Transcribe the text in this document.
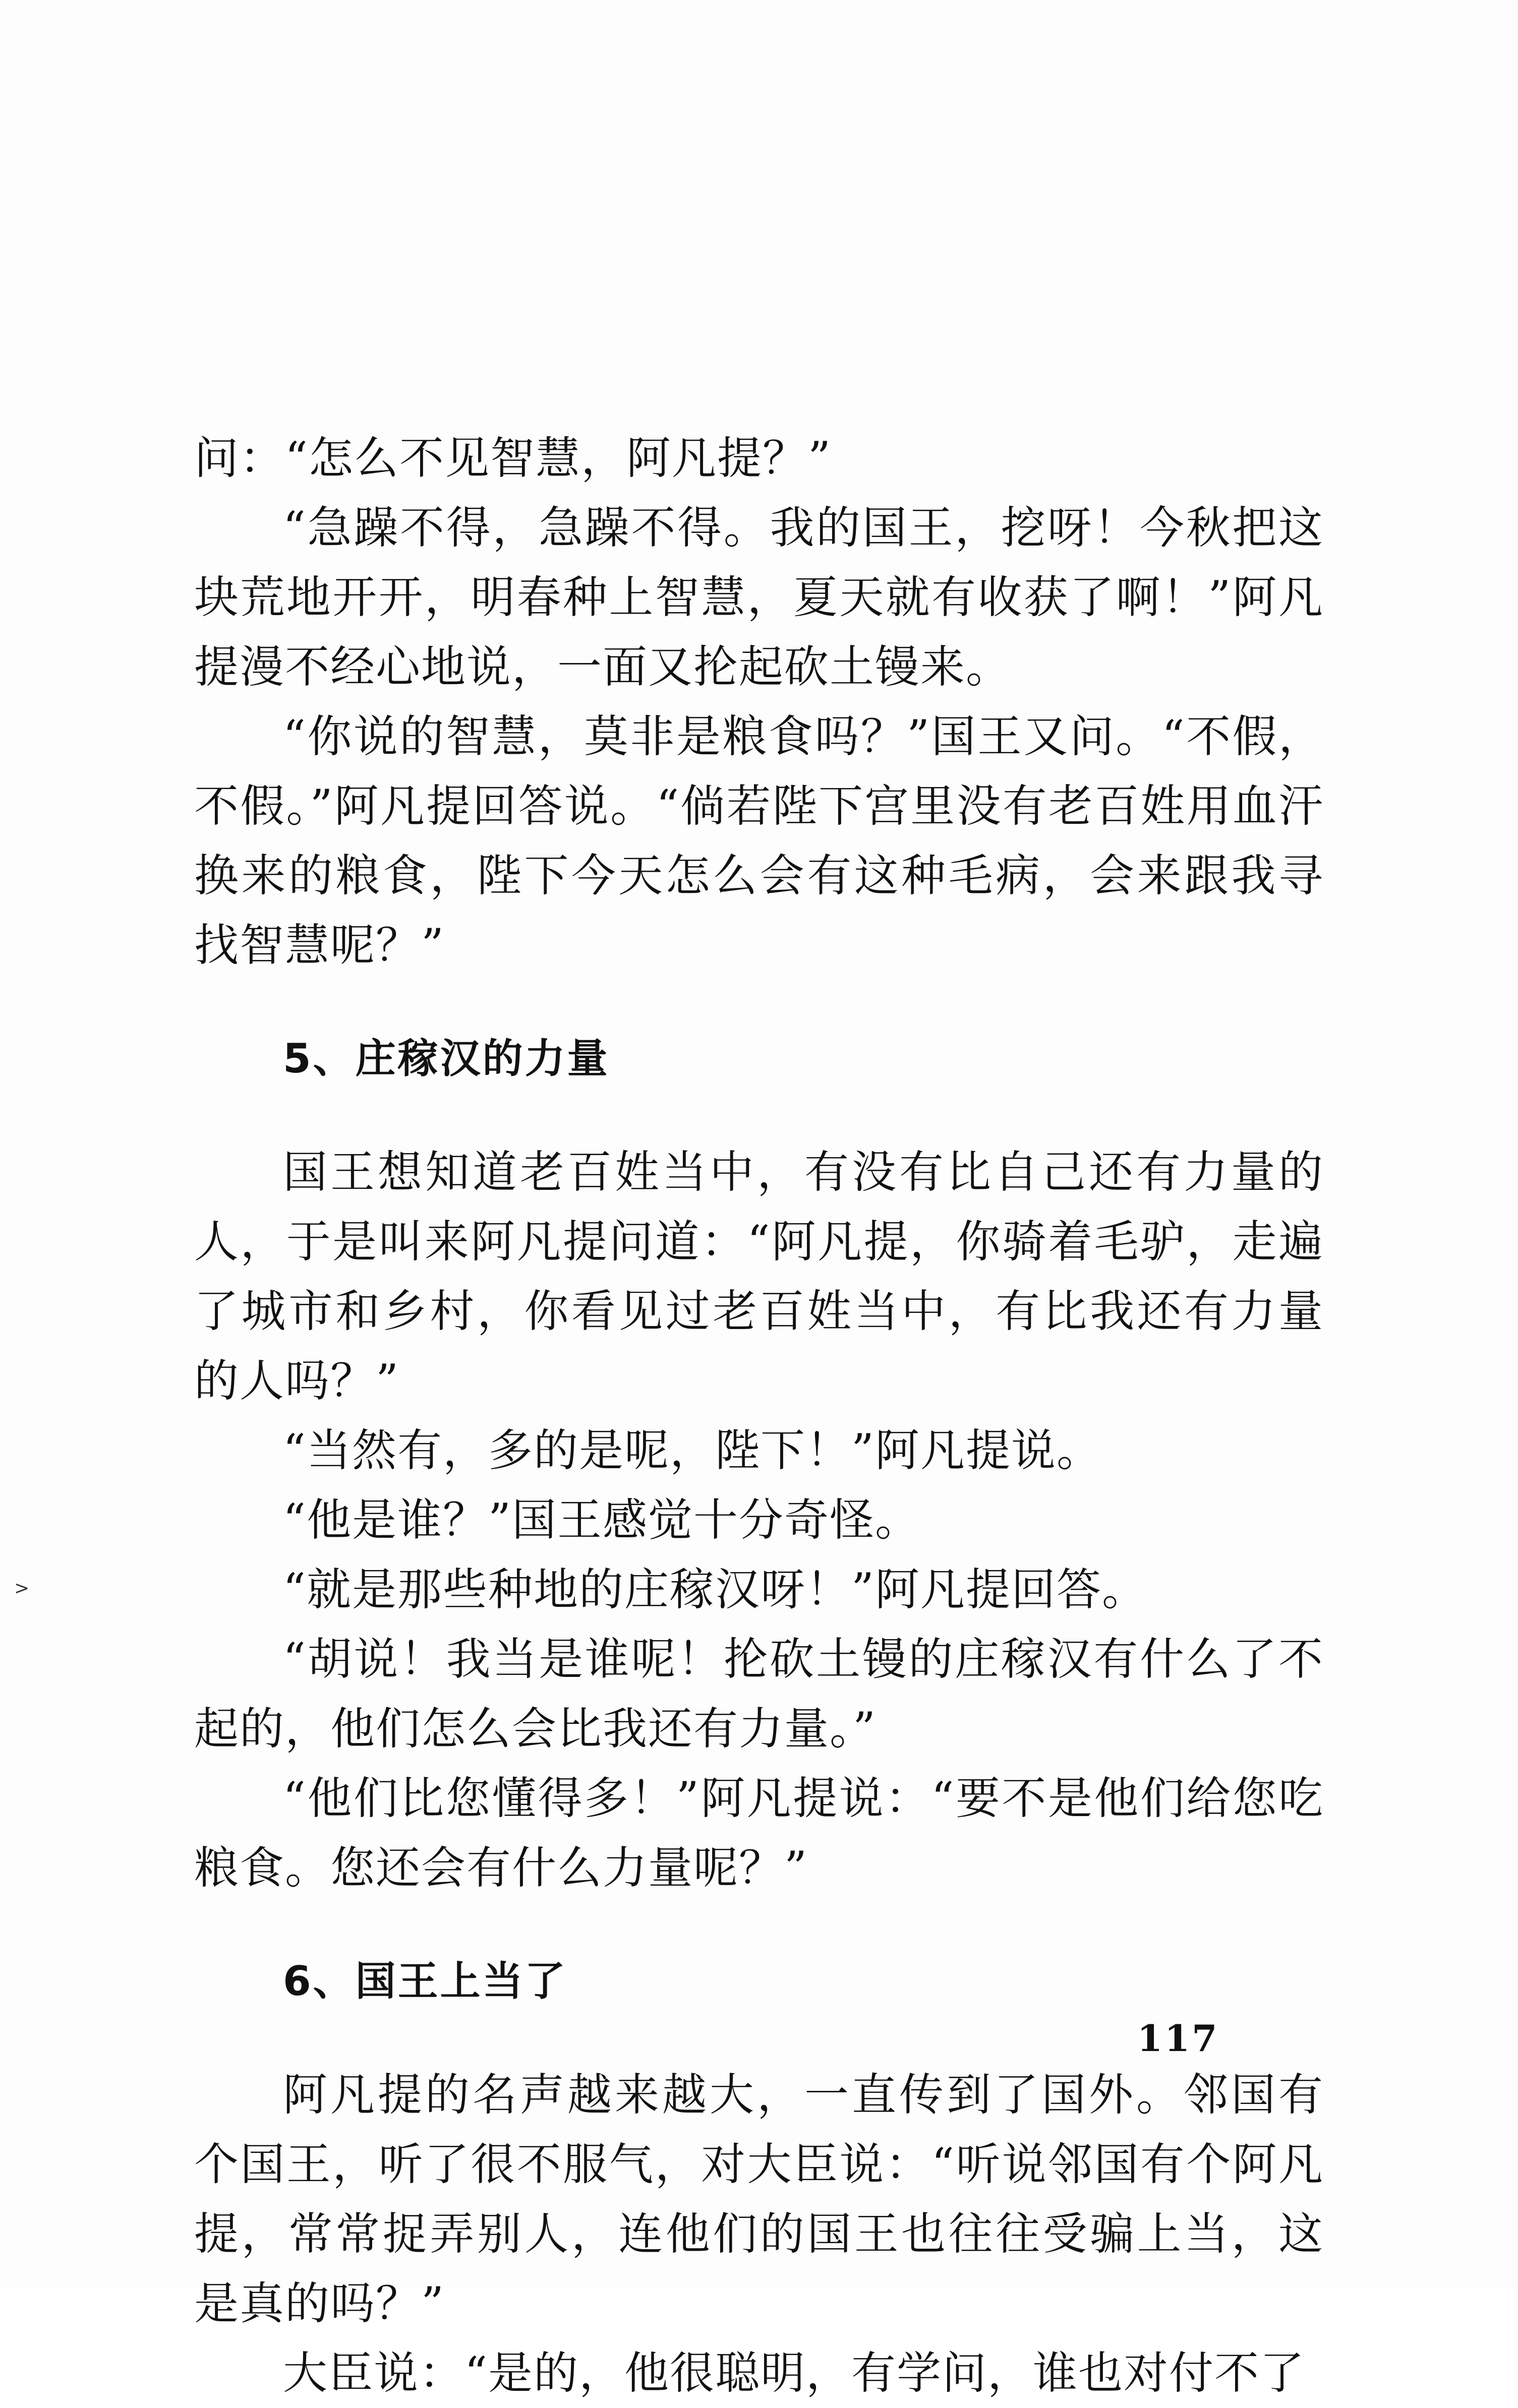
问：“怎么不见智慧，阿凡提？”

“急躁不得，急躁不得。我的国王，挖呀！今秋把这块荒地开开，明春种上智慧，夏天就有收获了啊！”阿凡提漫不经心地说，一面又抡起砍土镘来。

“你说的智慧，莫非是粮食吗？”国王又问。“不假，不假。”阿凡提回答说。“倘若陛下宫里没有老百姓用血汗换来的粮食，陛下今天怎么会有这种毛病，会来跟我寻找智慧呢？”

5、庄稼汉的力量

国王想知道老百姓当中，有没有比自己还有力量的人，于是叫来阿凡提问道：“阿凡提，你骑着毛驴，走遍了城市和乡村，你看见过老百姓当中，有比我还有力量的人吗？”

“当然有，多的是呢，陛下！”阿凡提说。

“他是谁？”国王感觉十分奇怪。

“就是那些种地的庄稼汉呀！”阿凡提回答。

“胡说！我当是谁呢！抡砍土镘的庄稼汉有什么了不起的，他们怎么会比我还有力量。”

“他们比您懂得多！”阿凡提说：“要不是他们给您吃粮食。您还会有什么力量呢？”

6、国王上当了

阿凡提的名声越来越大，一直传到了国外。邻国有个国王，听了很不服气，对大臣说：“听说邻国有个阿凡提，常常捉弄别人，连他们的国王也往往受骗上当，这是真的吗？”

大臣说：“是的，他很聪明，有学问，谁也对付不了

>
117
